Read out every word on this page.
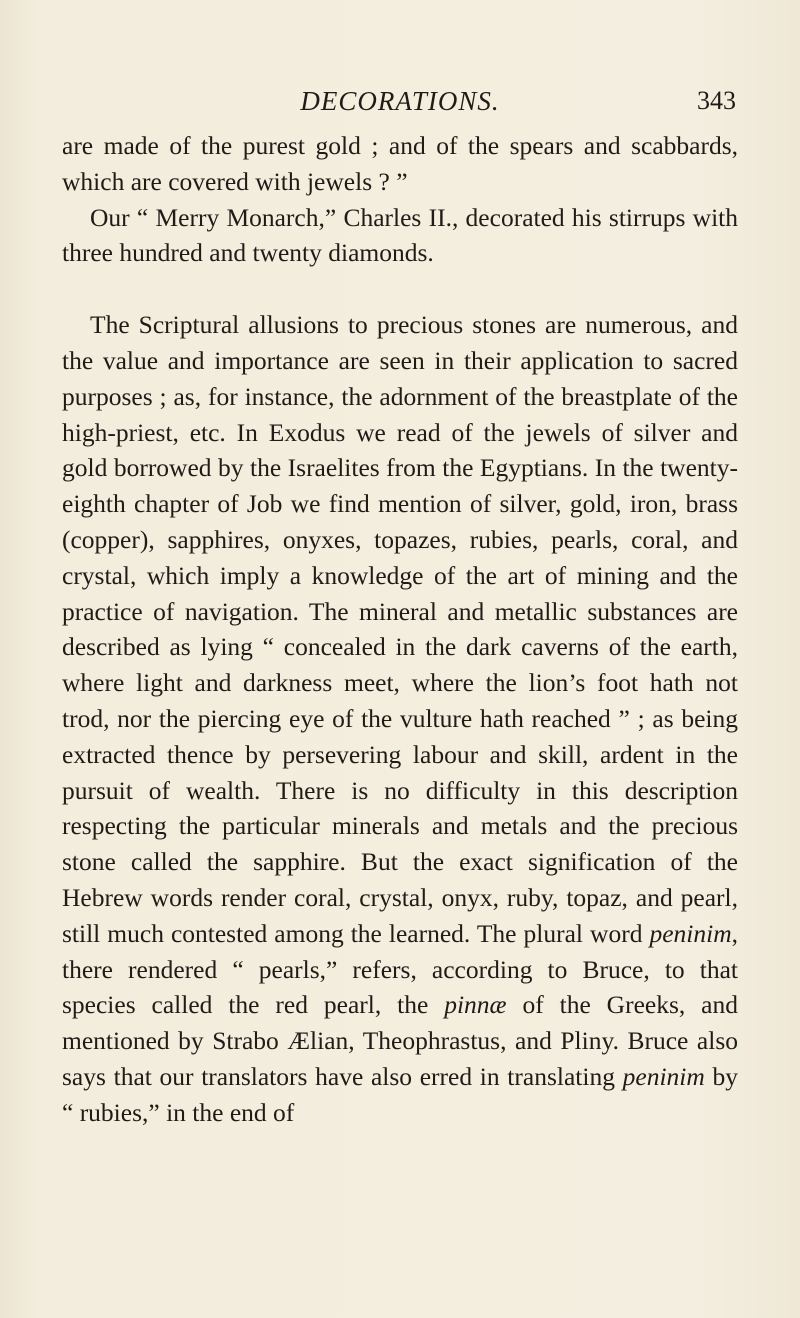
DECORATIONS.	343

are made of the purest gold ; and of the spears and scabbards, which are covered with jewels ? ”

Our “ Merry Monarch,” Charles II., decorated his stirrups with three hundred and twenty diamonds.

The Scriptural allusions to precious stones are numerous, and the value and importance are seen in their application to sacred purposes ; as, for instance, the adornment of the breastplate of the high-priest, etc. In Exodus we read of the jewels of silver and gold borrowed by the Israelites from the Egyptians. In the twenty-eighth chapter of Job we find mention of silver, gold, iron, brass (copper), sapphires, onyxes, topazes, rubies, pearls, coral, and crystal, which imply a knowledge of the art of mining and the practice of navigation. The mineral and metallic substances are described as lying “ concealed in the dark caverns of the earth, where light and darkness meet, where the lion’s foot hath not trod, nor the piercing eye of the vulture hath reached ” ; as being extracted thence by persevering labour and skill, ardent in the pursuit of wealth. There is no difficulty in this description respecting the particular minerals and metals and the precious stone called the sapphire. But the exact signification of the Hebrew words render coral, crystal, onyx, ruby, topaz, and pearl, still much contested among the learned. The plural word peninim, there rendered “ pearls,” refers, according to Bruce, to that species called the red pearl, the pinnæ of the Greeks, and mentioned by Strabo Ælian, Theophrastus, and Pliny. Bruce also says that our translators have also erred in translating peninim by “ rubies,” in the end of
